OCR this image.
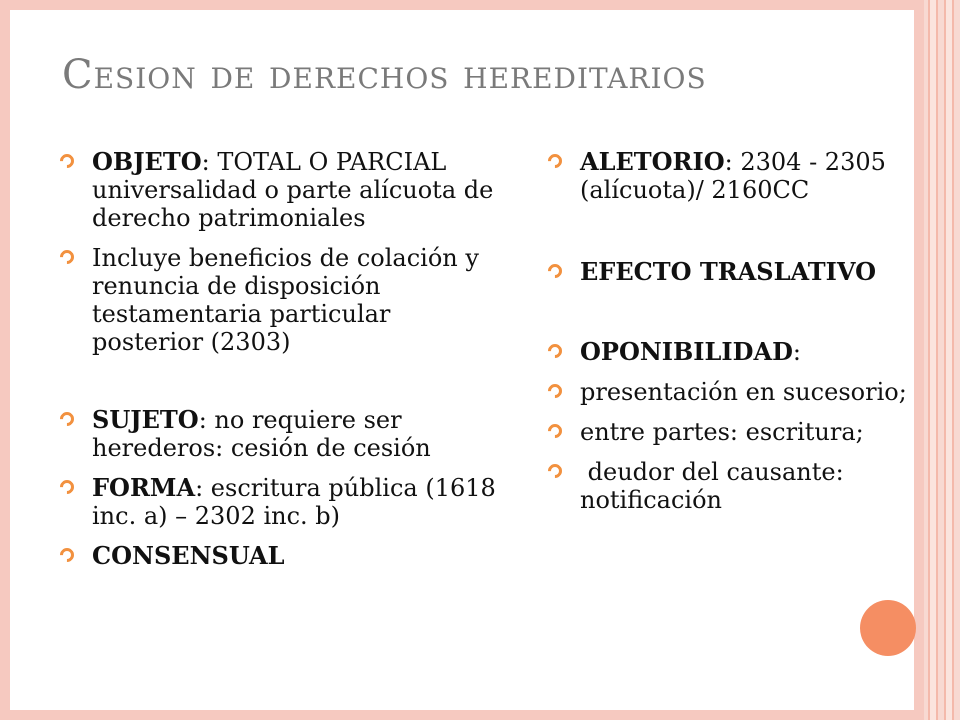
Cesion de derechos hereditarios
OBJETO: TOTAL O PARCIAL universalidad o parte alícuota de derecho patrimoniales
Incluye beneficios de colación y renuncia de disposición testamentaria particular posterior (2303)
SUJETO: no requiere ser herederos: cesión de cesión
FORMA: escritura pública (1618 inc. a) – 2302 inc. b)
CONSENSUAL
ALETORIO: 2304 - 2305 (alícuota)/ 2160CC
EFECTO TRASLATIVO
OPONIBILIDAD:
presentación en sucesorio;
entre partes: escritura;
deudor del causante: notificación
